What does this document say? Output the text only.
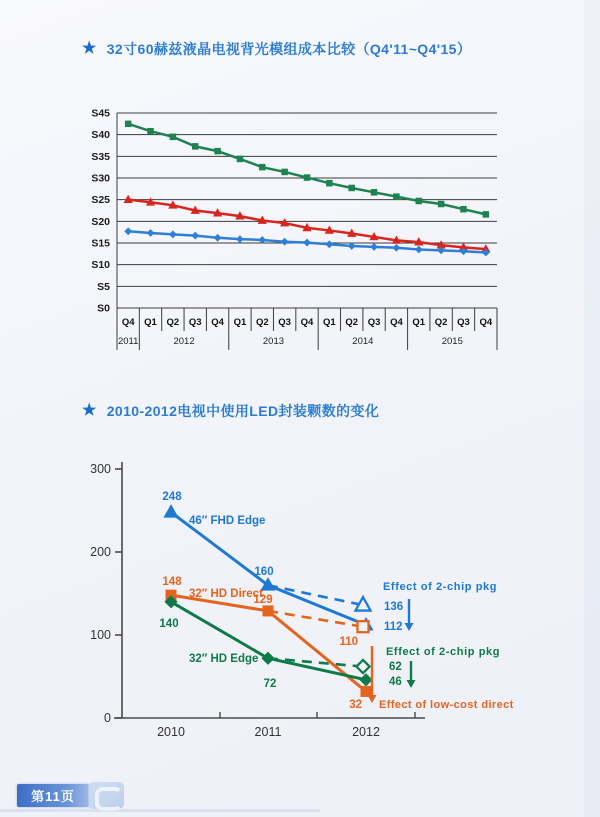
★ 32寸60赫兹液晶电视背光模组成本比较（Q4'11~Q4'15）
★ 2010-2012电视中使用LED封装颗数的变化
S0
S5
S10
S15
S20
S25
S30
S35
S40
S45
Q4 Q1 Q2 Q3 Q4 Q1 Q2 Q3 Q4 Q1 Q2 Q3 Q4 Q1 Q2 Q3 Q4
2011	2012	2013	2014	2015
0
100
200
300
2010	2011	2012
248
160
112
136
46″ FHD Edge
148
129
32
110
32″ HD Direct
140
72	46
62
32″ HD Edge
Effect of 2-chip pkg
Effect of 2-chip pkg
Effect of low-cost direct
第11页
